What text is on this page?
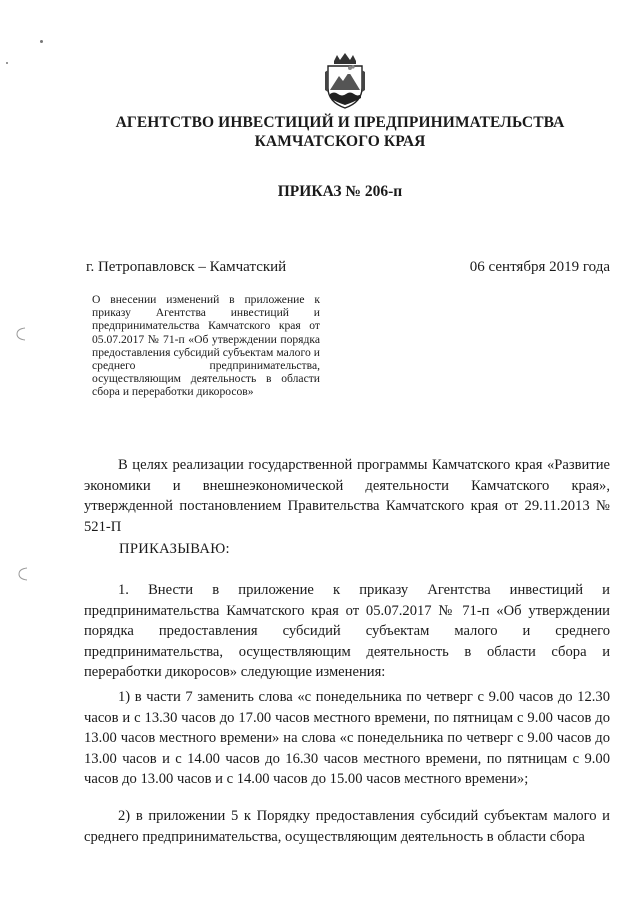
АГЕНТСТВО ИНВЕСТИЦИЙ И ПРЕДПРИНИМАТЕЛЬСТВА
КАМЧАТСКОГО КРАЯ
ПРИКАЗ № 206-п
г. Петропавловск – Камчатский	06 сентября 2019 года
О внесении изменений в приложение к приказу Агентства инвестиций и предпринимательства Камчатского края от 05.07.2017 № 71-п «Об утверждении порядка предоставления субсидий субъектам малого и среднего предпринимательства, осуществляющим деятельность в области сбора и переработки дикоросов»
В целях реализации государственной программы Камчатского края «Развитие экономики и внешнеэкономической деятельности Камчатского края», утвержденной постановлением Правительства Камчатского края от 29.11.2013 № 521-П
ПРИКАЗЫВАЮ:
1. Внести в приложение к приказу Агентства инвестиций и предпринимательства Камчатского края от 05.07.2017 № 71-п «Об утверждении порядка предоставления субсидий субъектам малого и среднего предпринимательства, осуществляющим деятельность в области сбора и переработки дикоросов» следующие изменения:
1) в части 7 заменить слова «с понедельника по четверг с 9.00 часов до 12.30 часов и с 13.30 часов до 17.00 часов местного времени, по пятницам с 9.00 часов до 13.00 часов местного времени» на слова «с понедельника по четверг с 9.00 часов до 13.00 часов и с 14.00 часов до 16.30 часов местного времени, по пятницам с 9.00 часов до 13.00 часов и с 14.00 часов до 15.00 часов местного времени»;
2) в приложении 5 к Порядку предоставления субсидий субъектам малого и среднего предпринимательства, осуществляющим деятельность в области сбора
